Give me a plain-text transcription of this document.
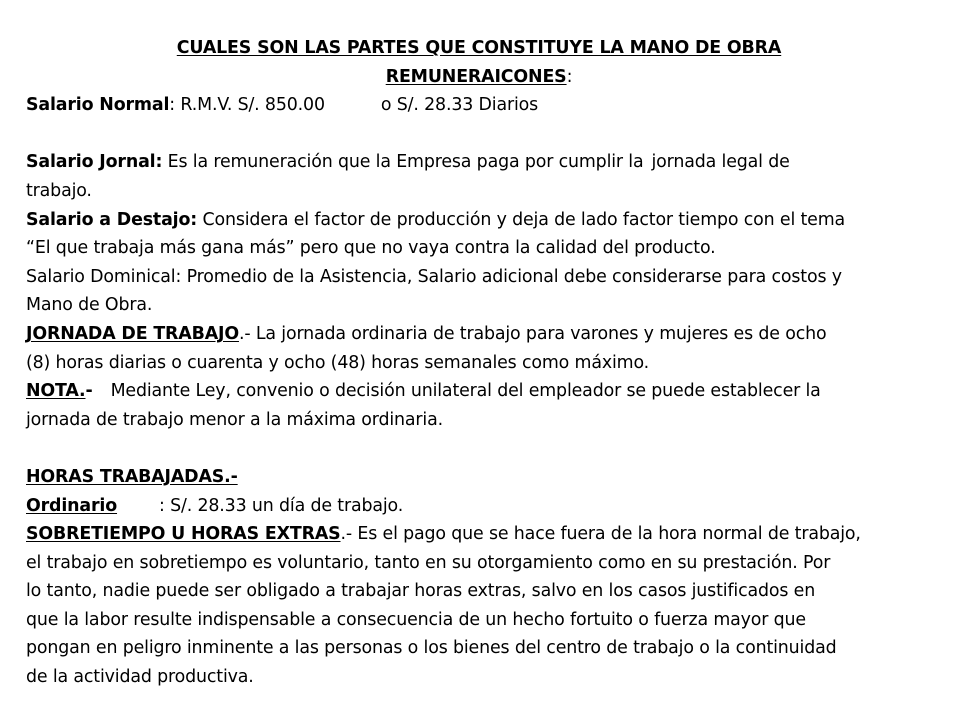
CUALES SON LAS PARTES QUE CONSTITUYE LA MANO DE OBRA
REMUNERAICONES:
Salario Normal: R.M.V. S/. 850.00	o S/. 28.33 Diarios
Salario Jornal: Es la remuneración que la Empresa paga por cumplir la jornada legal de
trabajo.
Salario a Destajo: Considera el factor de producción y deja de lado factor tiempo con el tema
“El que trabaja más gana más” pero que no vaya contra la calidad del producto.
Salario Dominical: Promedio de la Asistencia, Salario adicional debe considerarse para costos y
Mano de Obra.
JORNADA DE TRABAJO.- La jornada ordinaria de trabajo para varones y mujeres es de ocho
(8) horas diarias o cuarenta y ocho (48) horas semanales como máximo.
NOTA.- Mediante Ley, convenio o decisión unilateral del empleador se puede establecer la
jornada de trabajo menor a la máxima ordinaria.
HORAS TRABAJADAS.-
Ordinario : S/. 28.33 un día de trabajo.
SOBRETIEMPO U HORAS EXTRAS.- Es el pago que se hace fuera de la hora normal de trabajo,
el trabajo en sobretiempo es voluntario, tanto en su otorgamiento como en su prestación. Por
lo tanto, nadie puede ser obligado a trabajar horas extras, salvo en los casos justificados en
que la labor resulte indispensable a consecuencia de un hecho fortuito o fuerza mayor que
pongan en peligro inminente a las personas o los bienes del centro de trabajo o la continuidad
de la actividad productiva.
